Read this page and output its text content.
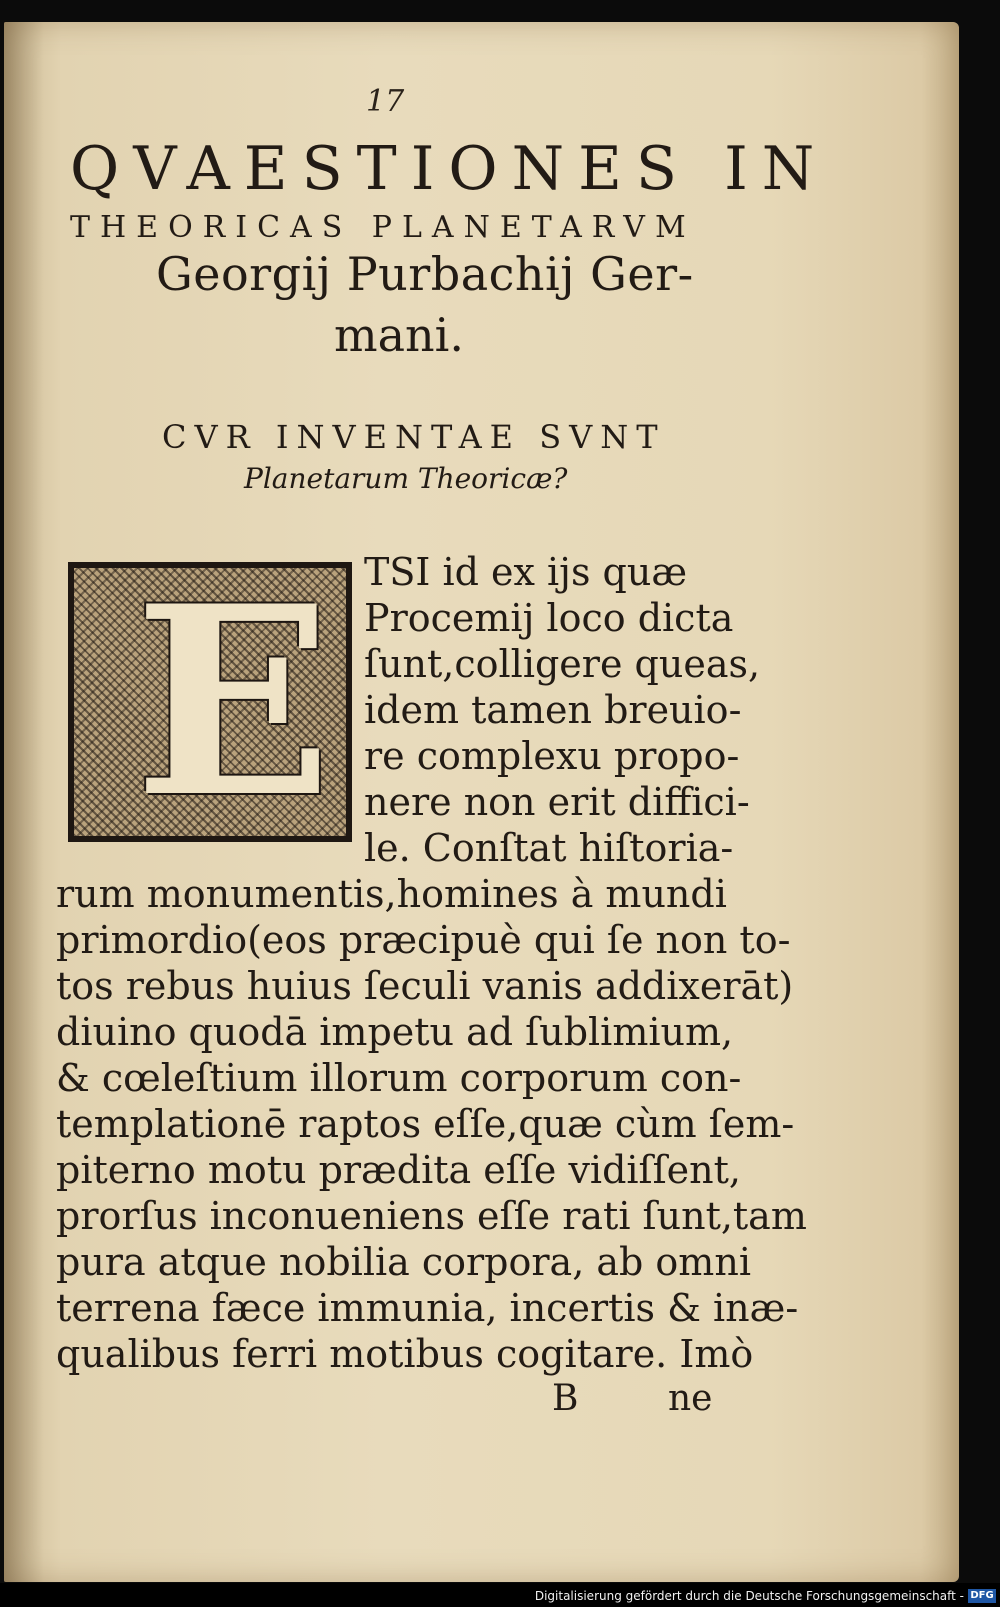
17
QVAESTIONES IN
THEORICAS PLANETARVM
Georgij Purbachij Ger-
mani.
CVR INVENTAE SVNT
Planetarum Theoricæ?
E TSI id ex ijs quæ
Procemij loco dicta
ſunt,colligere queas,
idem tamen breuio-
re complexu propo-
nere non erit diffici-
le. Conſtat hiſtoria-
rum monumentis,homines à mundi
primordio(eos præcipuè qui ſe non to-
tos rebus huius ſeculi vanis addixerāt)
diuino quodā impetu ad ſublimium,
& cœleſtium illorum corporum con-
templationē raptos eſſe,quæ cùm ſem-
piterno motu prædita eſſe vidiſſent,
prorſus inconueniens eſſe rati ſunt,tam
pura atque nobilia corpora, ab omni
terrena fæce immunia, incertis & inæ-
qualibus ferri motibus cogitare. Imò
B ne
Digitalisierung gefördert durch die Deutsche Forschungsgemeinschaft - DFG
